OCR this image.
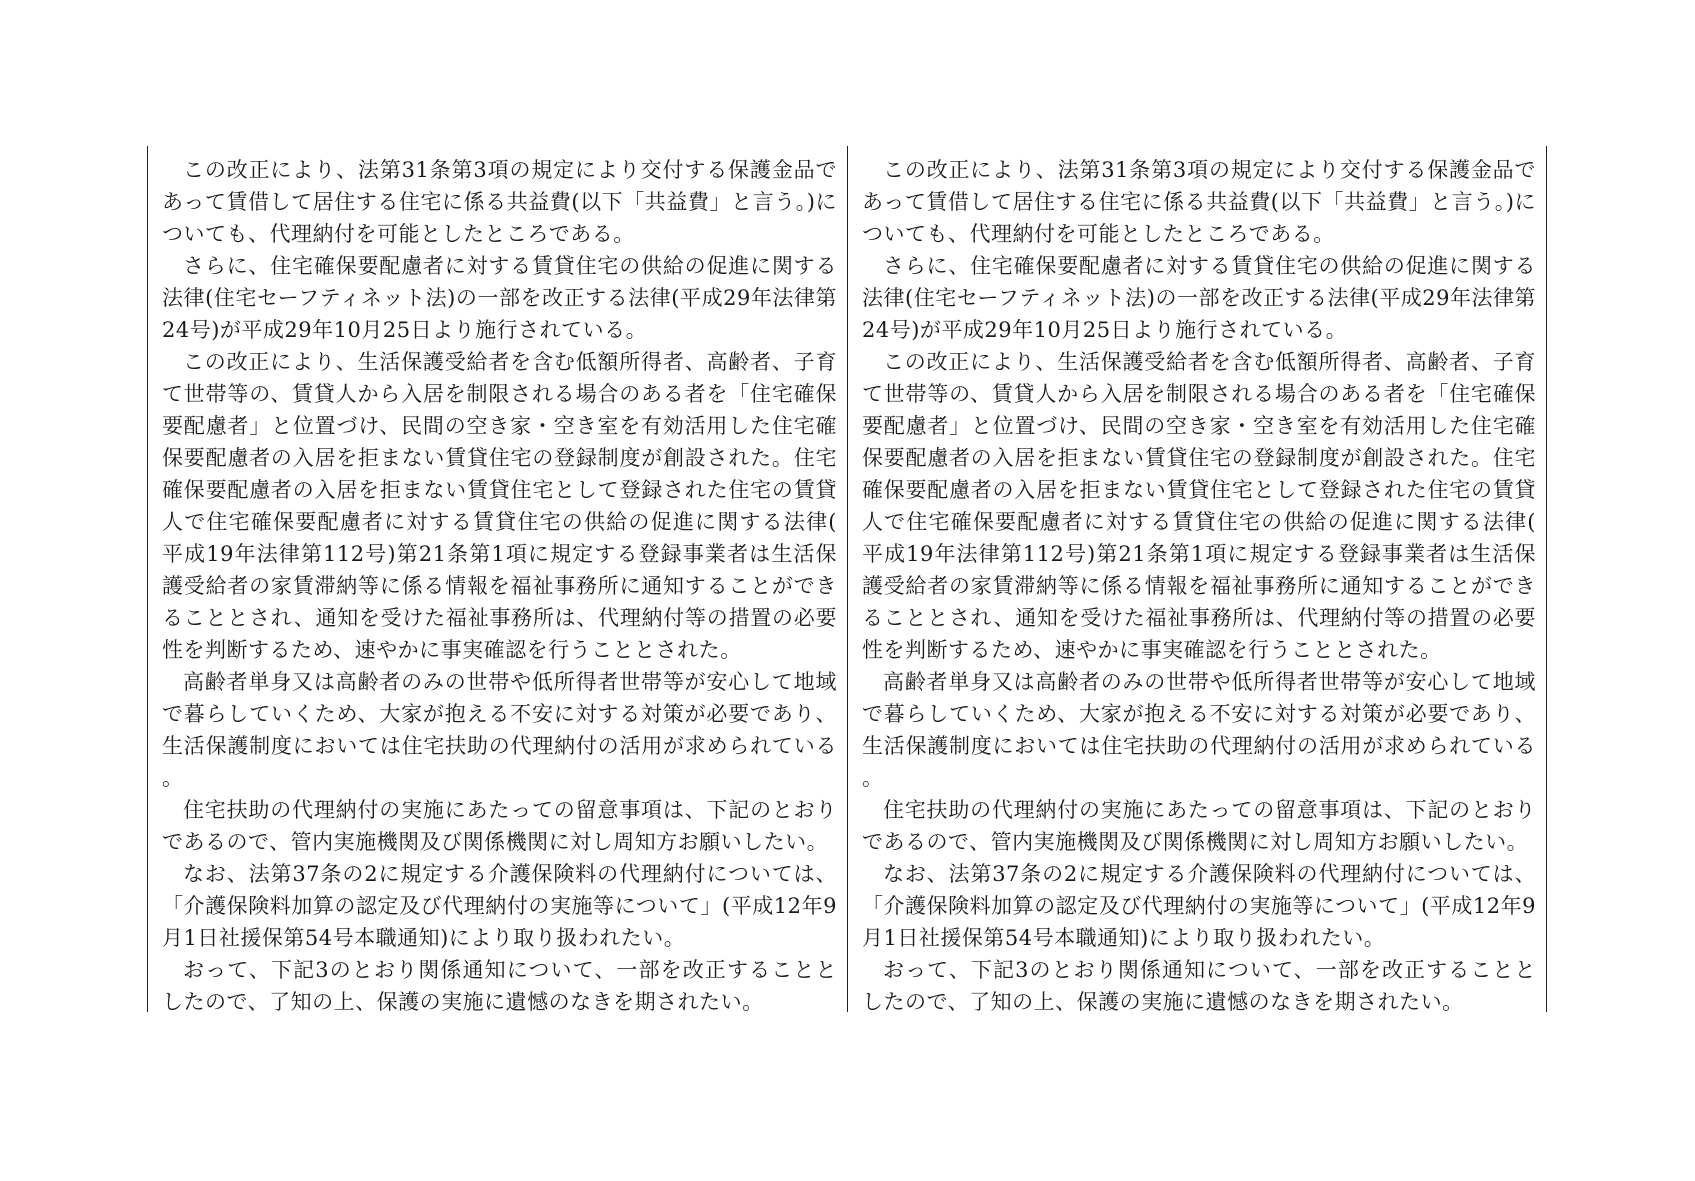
この改正により、法第31条第3項の規定により交付する保護金品であって賃借して居住する住宅に係る共益費(以下「共益費」と言う。)についても、代理納付を可能としたところである。

さらに、住宅確保要配慮者に対する賃貸住宅の供給の促進に関する法律(住宅セーフティネット法)の一部を改正する法律(平成29年法律第24号)が平成29年10月25日より施行されている。

この改正により、生活保護受給者を含む低額所得者、高齢者、子育て世帯等の、賃貸人から入居を制限される場合のある者を「住宅確保要配慮者」と位置づけ、民間の空き家・空き室を有効活用した住宅確保要配慮者の入居を拒まない賃貸住宅の登録制度が創設された。住宅確保要配慮者の入居を拒まない賃貸住宅として登録された住宅の賃貸人で住宅確保要配慮者に対する賃貸住宅の供給の促進に関する法律(平成19年法律第112号)第21条第1項に規定する登録事業者は生活保護受給者の家賃滞納等に係る情報を福祉事務所に通知することができることとされ、通知を受けた福祉事務所は、代理納付等の措置の必要性を判断するため、速やかに事実確認を行うこととされた。

高齢者単身又は高齢者のみの世帯や低所得者世帯等が安心して地域で暮らしていくため、大家が抱える不安に対する対策が必要であり、生活保護制度においては住宅扶助の代理納付の活用が求められている。

住宅扶助の代理納付の実施にあたっての留意事項は、下記のとおりであるので、管内実施機関及び関係機関に対し周知方お願いしたい。

なお、法第37条の2に規定する介護保険料の代理納付については、「介護保険料加算の認定及び代理納付の実施等について」(平成12年9月1日社援保第54号本職通知)により取り扱われたい。

おって、下記3のとおり関係通知について、一部を改正することとしたので、了知の上、保護の実施に遺憾のなきを期されたい。

この改正により、法第31条第3項の規定により交付する保護金品であって賃借して居住する住宅に係る共益費(以下「共益費」と言う。)についても、代理納付を可能としたところである。

さらに、住宅確保要配慮者に対する賃貸住宅の供給の促進に関する法律(住宅セーフティネット法)の一部を改正する法律(平成29年法律第24号)が平成29年10月25日より施行されている。

この改正により、生活保護受給者を含む低額所得者、高齢者、子育て世帯等の、賃貸人から入居を制限される場合のある者を「住宅確保要配慮者」と位置づけ、民間の空き家・空き室を有効活用した住宅確保要配慮者の入居を拒まない賃貸住宅の登録制度が創設された。住宅確保要配慮者の入居を拒まない賃貸住宅として登録された住宅の賃貸人で住宅確保要配慮者に対する賃貸住宅の供給の促進に関する法律(平成19年法律第112号)第21条第1項に規定する登録事業者は生活保護受給者の家賃滞納等に係る情報を福祉事務所に通知することができることとされ、通知を受けた福祉事務所は、代理納付等の措置の必要性を判断するため、速やかに事実確認を行うこととされた。

高齢者単身又は高齢者のみの世帯や低所得者世帯等が安心して地域で暮らしていくため、大家が抱える不安に対する対策が必要であり、生活保護制度においては住宅扶助の代理納付の活用が求められている。

住宅扶助の代理納付の実施にあたっての留意事項は、下記のとおりであるので、管内実施機関及び関係機関に対し周知方お願いしたい。

なお、法第37条の2に規定する介護保険料の代理納付については、「介護保険料加算の認定及び代理納付の実施等について」(平成12年9月1日社援保第54号本職通知)により取り扱われたい。

おって、下記3のとおり関係通知について、一部を改正することとしたので、了知の上、保護の実施に遺憾のなきを期されたい。
